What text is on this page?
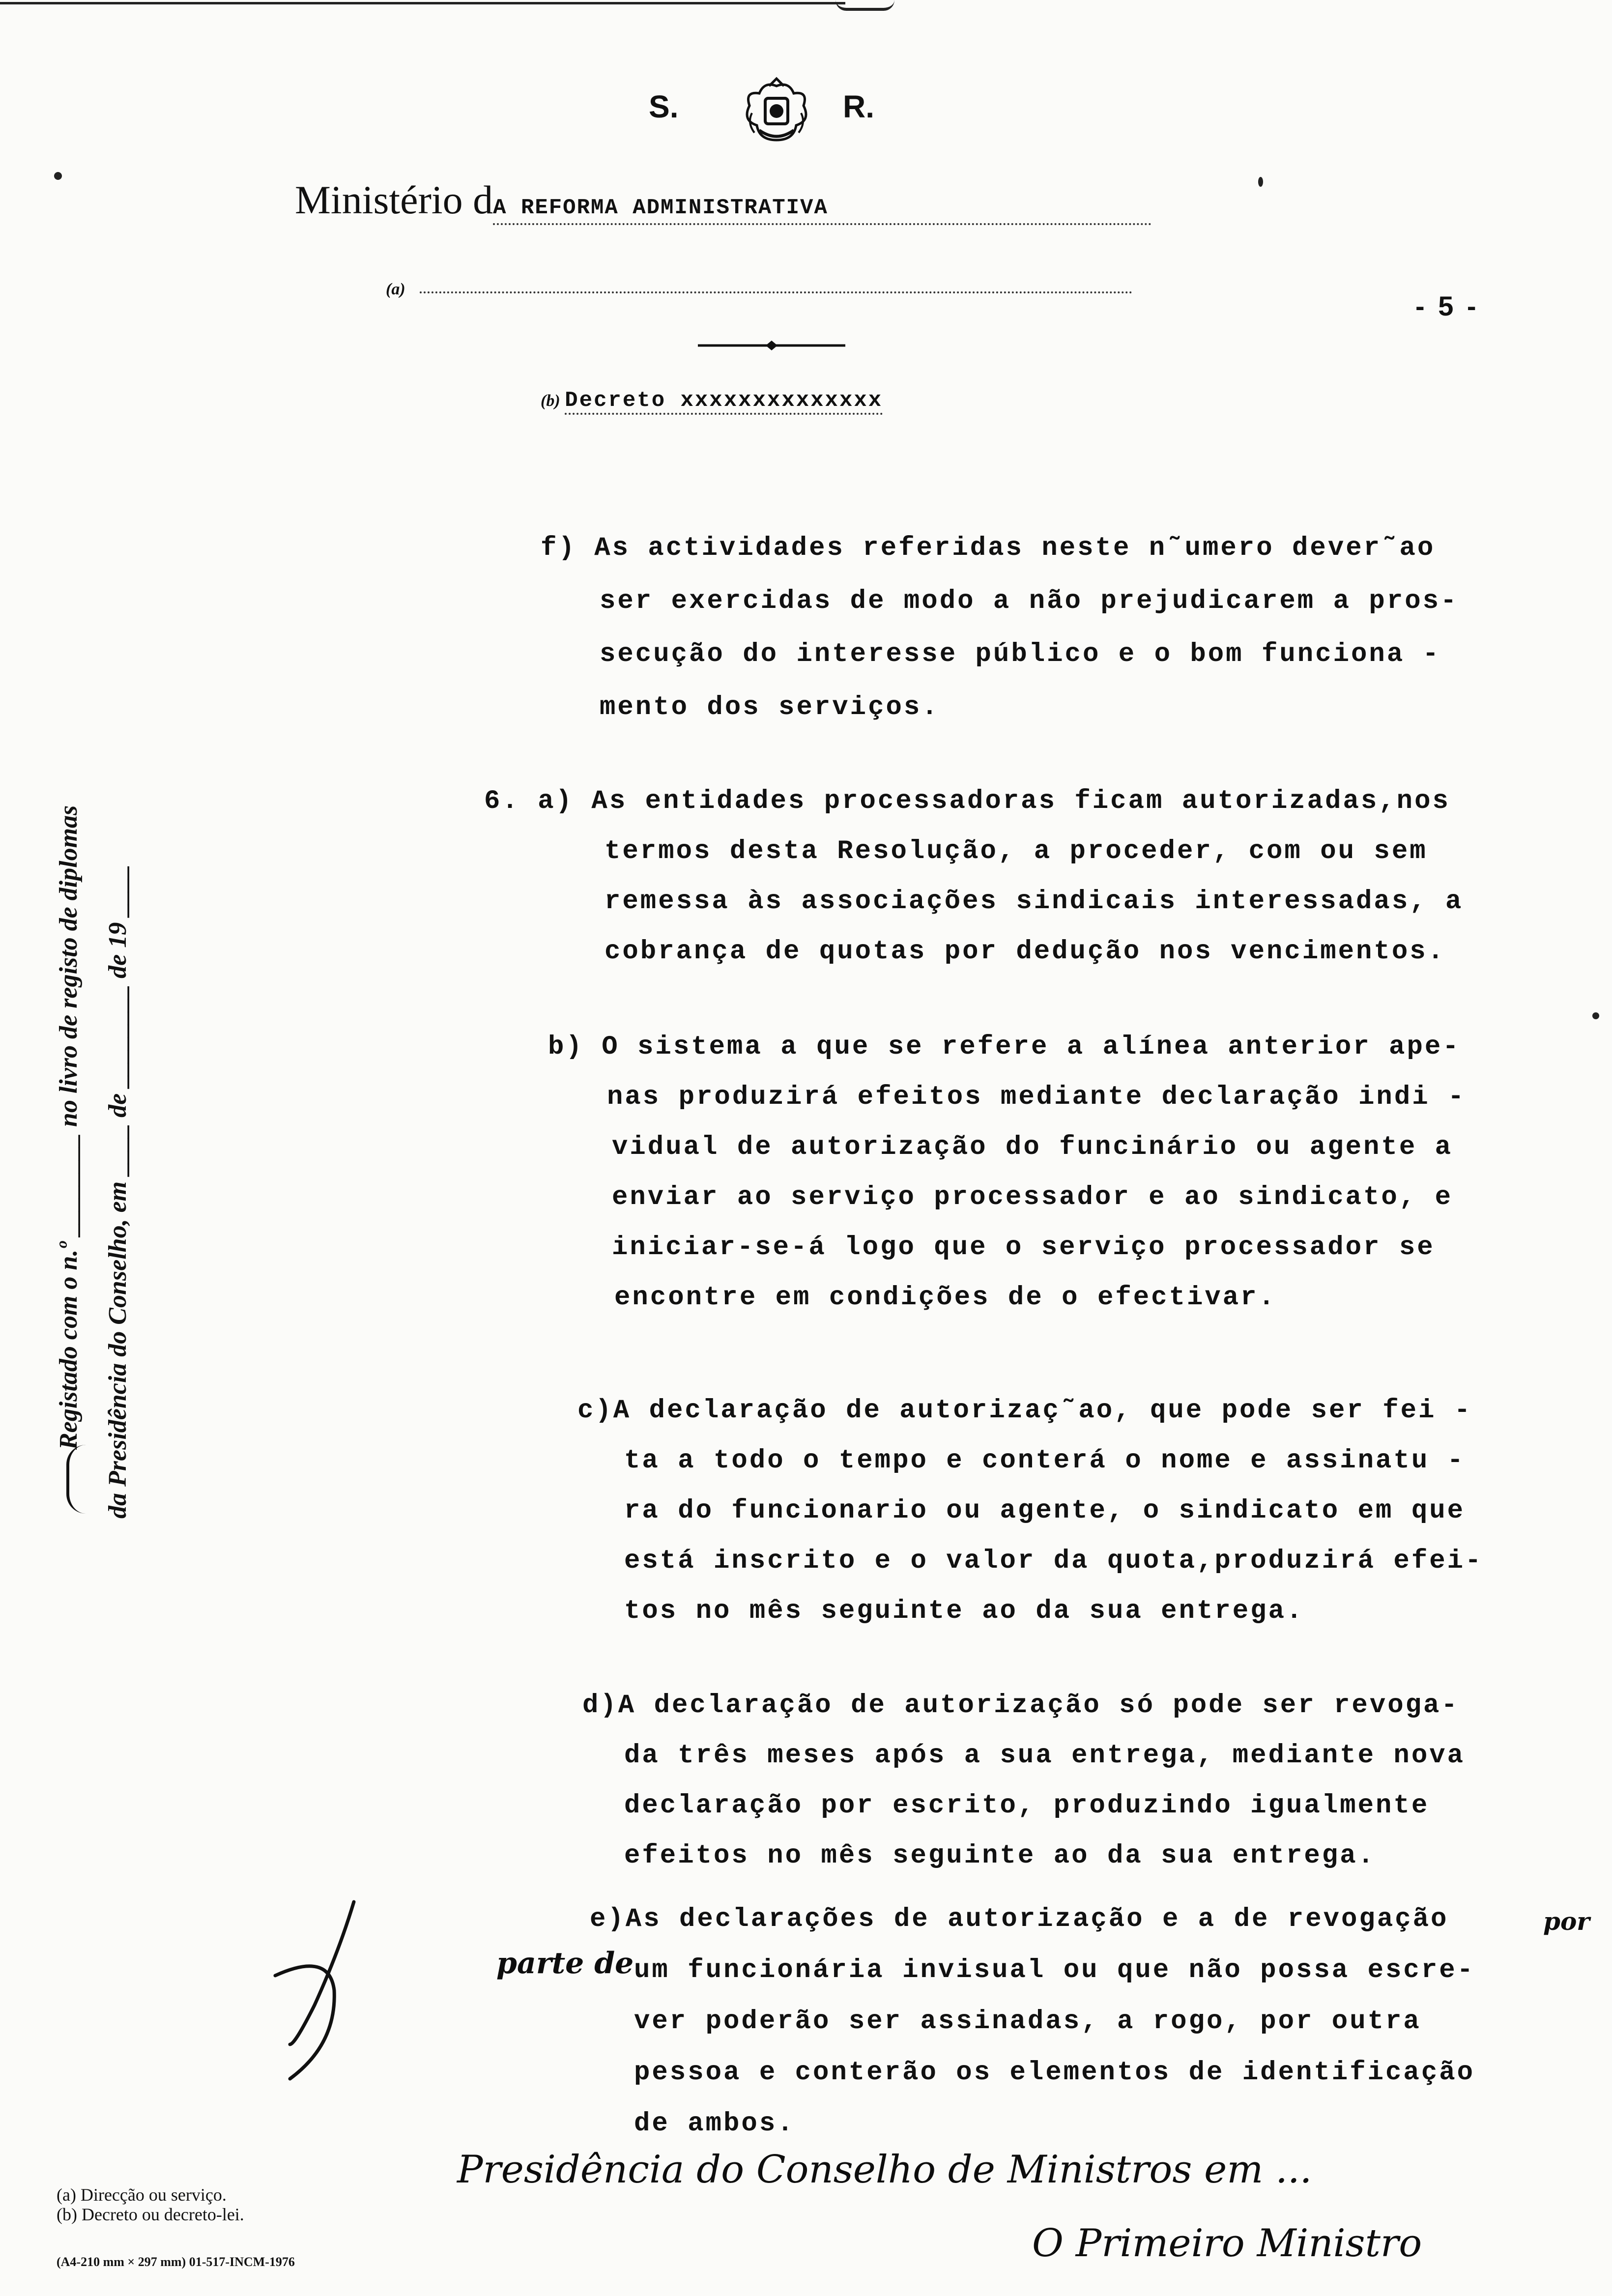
S.	R.
Ministério dA REFORMA ADMINISTRATIVA
(a)
- 5 -
(b) Decreto xxxxxxxxxxxxxx
Registado com o n.º ________ no livro de registo de diplomas da Presidência do Conselho, em ____ de ________ de 19 ____
f) As actividades referidas neste n˜umero dever˜ao
ser exercidas de modo a não prejudicarem a pros-
secução do interesse público e o bom funciona -
mento dos serviços.
6. a) As entidades processadoras ficam autorizadas,nos
termos desta Resolução, a proceder, com ou sem
remessa às associações sindicais interessadas, a
cobrança de quotas por dedução nos vencimentos.
b) O sistema a que se refere a alínea anterior ape-
nas produzirá efeitos mediante declaração indi -
vidual de autorização do funcinário ou agente a
enviar ao serviço processador e ao sindicato, e
iniciar-se-á logo que o serviço processador se
encontre em condições de o efectivar.
c)A declaração de autorizaç˜ao, que pode ser fei -
ta a todo o tempo e conterá o nome e assinatu -
ra do funcionario ou agente, o sindicato em que
está inscrito e o valor da quota,produzirá efei-
tos no mês seguinte ao da sua entrega.
d)A declaração de autorização só pode ser revoga-
da três meses após a sua entrega, mediante nova
declaração por escrito, produzindo igualmente
efeitos no mês seguinte ao da sua entrega.
e)As declarações de autorização e a de revogação
um funcionária invisual ou que não possa escre-
ver poderão ser assinadas, a rogo, por outra
pessoa e conterão os elementos de identificação
de ambos.
parte de
por
Presidência do Conselho de Ministros em ...
O Primeiro Ministro
(a) Direcção ou serviço.
(b) Decreto ou decreto-lei.
(A4-210 mm × 297 mm) 01-517-INCM-1976
